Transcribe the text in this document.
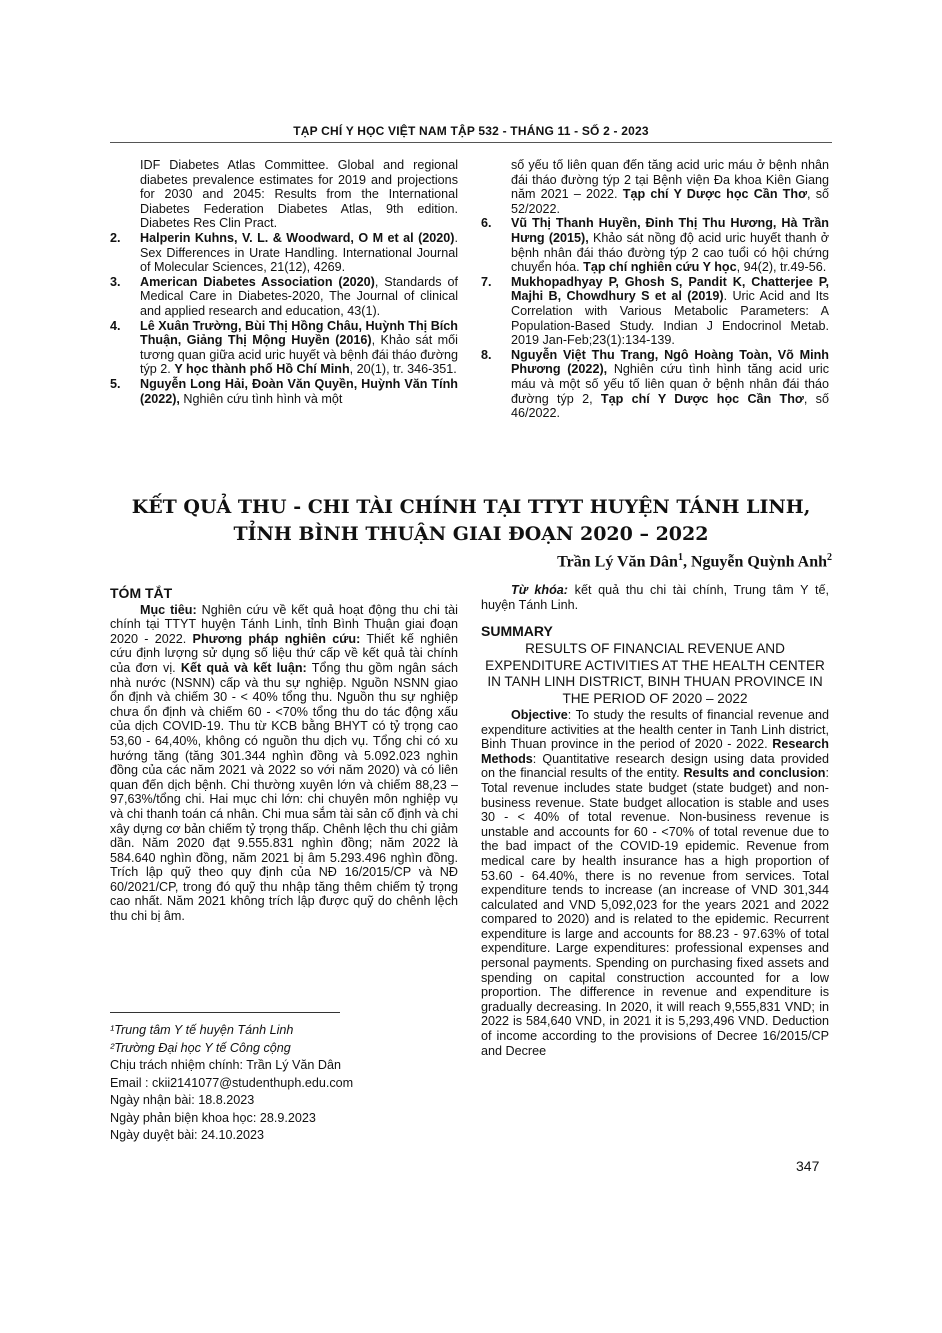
TẠP CHÍ Y HỌC VIỆT NAM TẬP 532 - THÁNG 11 - SỐ 2 - 2023
IDF Diabetes Atlas Committee. Global and regional diabetes prevalence estimates for 2019 and projections for 2030 and 2045: Results from the International Diabetes Federation Diabetes Atlas, 9th edition. Diabetes Res Clin Pract.
2.	Halperin Kuhns, V. L. & Woodward, O M et al (2020). Sex Differences in Urate Handling. International Journal of Molecular Sciences, 21(12), 4269.
3.	American Diabetes Association (2020), Standards of Medical Care in Diabetes-2020, The Journal of clinical and applied research and education, 43(1).
4.	Lê Xuân Trường, Bùi Thị Hồng Châu, Huỳnh Thị Bích Thuận, Giảng Thị Mộng Huyền (2016), Khảo sát mối tương quan giữa acid uric huyết và bệnh đái tháo đường týp 2. Y học thành phố Hồ Chí Minh, 20(1), tr. 346-351.
5.	Nguyễn Long Hải, Đoàn Văn Quyền, Huỳnh Văn Tính (2022), Nghiên cứu tình hình và một
số yếu tố liên quan đến tăng acid uric máu ở bệnh nhân đái tháo đường týp 2 tại Bệnh viện Đa khoa Kiên Giang năm 2021 – 2022. Tạp chí Y Dược học Cần Thơ, số 52/2022.
6.	Vũ Thị Thanh Huyền, Đinh Thị Thu Hương, Hà Trần Hưng (2015), Khảo sát nồng độ acid uric huyết thanh ở bệnh nhân đái tháo đường týp 2 cao tuổi có hội chứng chuyển hóa. Tạp chí nghiên cứu Y học, 94(2), tr.49-56.
7.	Mukhopadhyay P, Ghosh S, Pandit K, Chatterjee P, Majhi B, Chowdhury S et al (2019). Uric Acid and Its Correlation with Various Metabolic Parameters: A Population-Based Study. Indian J Endocrinol Metab. 2019 Jan-Feb;23(1):134-139.
8.	Nguyễn Việt Thu Trang, Ngô Hoàng Toàn, Võ Minh Phương (2022), Nghiên cứu tình hình tăng acid uric máu và một số yếu tố liên quan ở bệnh nhân đái tháo đường týp 2, Tạp chí Y Dược học Cần Thơ, số 46/2022.
KẾT QUẢ THU - CHI TÀI CHÍNH TẠI TTYT HUYỆN TÁNH LINH,
TỈNH BÌNH THUẬN GIAI ĐOẠN 2020 – 2022
Trần Lý Văn Dân$^1$, Nguyễn Quỳnh Anh$^2$
TÓM TẮT

Mục tiêu: Nghiên cứu về kết quả hoạt động thu chi tài chính tại TTYT huyện Tánh Linh, tỉnh Bình Thuận giai đoạn 2020 - 2022. Phương pháp nghiên cứu: Thiết kế nghiên cứu định lượng sử dụng số liệu thứ cấp về kết quả tài chính của đơn vị. Kết quả và kết luận: Tổng thu gồm ngân sách nhà nước (NSNN) cấp và thu sự nghiệp. Nguồn NSNN giao ổn định và chiếm 30 - < 40% tổng thu. Nguồn thu sự nghiệp chưa ổn định và chiếm 60 - <70% tổng thu do tác động xấu của dịch COVID-19. Thu từ KCB bằng BHYT có tỷ trọng cao 53,60 - 64,40%, không có nguồn thu dịch vụ. Tổng chi có xu hướng tăng (tăng 301.344 nghìn đồng và 5.092.023 nghìn đồng của các năm 2021 và 2022 so với năm 2020) và có liên quan đến dịch bệnh. Chi thường xuyên lớn và chiếm 88,23 – 97,63%/tổng chi. Hai mục chi lớn: chi chuyên môn nghiệp vụ và chi thanh toán cá nhân. Chi mua sắm tài sản cố định và chi xây dựng cơ bản chiếm tỷ trọng thấp. Chênh lệch thu chi giảm dần. Năm 2020 đạt 9.555.831 nghìn đồng; năm 2022 là 584.640 nghìn đồng, năm 2021 bị âm 5.293.496 nghìn đồng. Trích lập quỹ theo quy định của NĐ 16/2015/CP và NĐ 60/2021/CP, trong đó quỹ thu nhập tăng thêm chiếm tỷ trọng cao nhất. Năm 2021 không trích lập được quỹ do chênh lệch thu chi bị âm.

Từ khóa: kết quả thu chi tài chính, Trung tâm Y tế, huyện Tánh Linh.

SUMMARY
RESULTS OF FINANCIAL REVENUE AND EXPENDITURE ACTIVITIES AT THE HEALTH CENTER IN TANH LINH DISTRICT, BINH THUAN PROVINCE IN THE PERIOD OF 2020 – 2022

Objective: To study the results of financial revenue and expenditure activities at the health center in Tanh Linh district, Binh Thuan province in the period of 2020 - 2022. Research Methods: Quantitative research design using data provided on the financial results of the entity. Results and conclusion: Total revenue includes state budget (state budget) and non-business revenue. State budget allocation is stable and uses 30 - < 40% of total revenue. Non-business revenue is unstable and accounts for 60 - <70% of total revenue due to the bad impact of the COVID-19 epidemic. Revenue from medical care by health insurance has a high proportion of 53.60 - 64.40%, there is no revenue from services. Total expenditure tends to increase (an increase of VND 301,344 calculated and VND 5,092,023 for the years 2021 and 2022 compared to 2020) and is related to the epidemic. Recurrent expenditure is large and accounts for 88.23 - 97.63% of total expenditure. Large expenditures: professional expenses and personal payments. Spending on purchasing fixed assets and spending on capital construction accounted for a low proportion. The difference in revenue and expenditure is gradually decreasing. In 2020, it will reach 9,555,831 VND; in 2022 is 584,640 VND, in 2021 it is 5,293,496 VND. Deduction of income according to the provisions of Decree 16/2015/CP and Decree

¹Trung tâm Y tế huyện Tánh Linh
²Trường Đại học Y tế Công cộng
Chịu trách nhiệm chính: Trần Lý Văn Dân
Email : ckii2141077@studenthuph.edu.com
Ngày nhận bài: 18.8.2023
Ngày phản biện khoa học: 28.9.2023
Ngày duyệt bài: 24.10.2023
347
